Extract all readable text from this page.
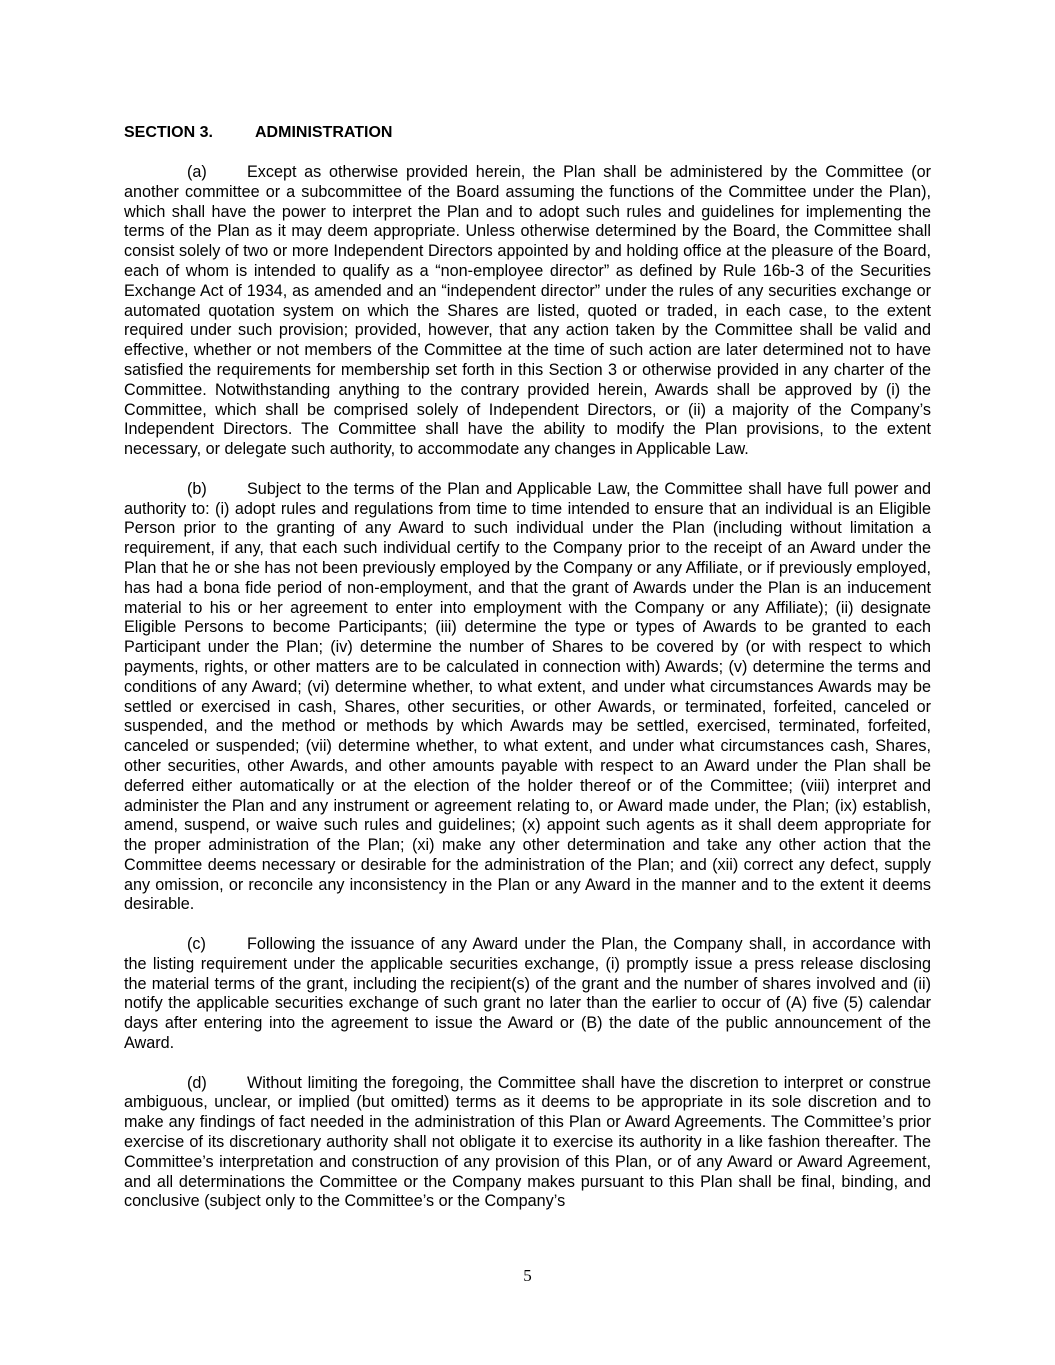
SECTION 3.	ADMINISTRATION

(a) Except as otherwise provided herein, the Plan shall be administered by the Committee (or another committee or a subcommittee of the Board assuming the functions of the Committee under the Plan), which shall have the power to interpret the Plan and to adopt such rules and guidelines for implementing the terms of the Plan as it may deem appropriate. Unless otherwise determined by the Board, the Committee shall consist solely of two or more Independent Directors appointed by and holding office at the pleasure of the Board, each of whom is intended to qualify as a “non-employee director” as defined by Rule 16b-3 of the Securities Exchange Act of 1934, as amended and an “independent director” under the rules of any securities exchange or automated quotation system on which the Shares are listed, quoted or traded, in each case, to the extent required under such provision; provided, however, that any action taken by the Committee shall be valid and effective, whether or not members of the Committee at the time of such action are later determined not to have satisfied the requirements for membership set forth in this Section 3 or otherwise provided in any charter of the Committee. Notwithstanding anything to the contrary provided herein, Awards shall be approved by (i) the Committee, which shall be comprised solely of Independent Directors, or (ii) a majority of the Company’s Independent Directors. The Committee shall have the ability to modify the Plan provisions, to the extent necessary, or delegate such authority, to accommodate any changes in Applicable Law.

(b) Subject to the terms of the Plan and Applicable Law, the Committee shall have full power and authority to: (i) adopt rules and regulations from time to time intended to ensure that an individual is an Eligible Person prior to the granting of any Award to such individual under the Plan (including without limitation a requirement, if any, that each such individual certify to the Company prior to the receipt of an Award under the Plan that he or she has not been previously employed by the Company or any Affiliate, or if previously employed, has had a bona fide period of non-employment, and that the grant of Awards under the Plan is an inducement material to his or her agreement to enter into employment with the Company or any Affiliate); (ii) designate Eligible Persons to become Participants; (iii) determine the type or types of Awards to be granted to each Participant under the Plan; (iv) determine the number of Shares to be covered by (or with respect to which payments, rights, or other matters are to be calculated in connection with) Awards; (v) determine the terms and conditions of any Award; (vi) determine whether, to what extent, and under what circumstances Awards may be settled or exercised in cash, Shares, other securities, or other Awards, or terminated, forfeited, canceled or suspended, and the method or methods by which Awards may be settled, exercised, terminated, forfeited, canceled or suspended; (vii) determine whether, to what extent, and under what circumstances cash, Shares, other securities, other Awards, and other amounts payable with respect to an Award under the Plan shall be deferred either automatically or at the election of the holder thereof or of the Committee; (viii) interpret and administer the Plan and any instrument or agreement relating to, or Award made under, the Plan; (ix) establish, amend, suspend, or waive such rules and guidelines; (x) appoint such agents as it shall deem appropriate for the proper administration of the Plan; (xi) make any other determination and take any other action that the Committee deems necessary or desirable for the administration of the Plan; and (xii) correct any defect, supply any omission, or reconcile any inconsistency in the Plan or any Award in the manner and to the extent it deems desirable.

(c)	Following the issuance of any Award under the Plan, the Company shall, in accordance with the listing requirement under the applicable securities exchange, (i) promptly issue a press release disclosing the material terms of the grant, including the recipient(s) of the grant and the number of shares involved and (ii) notify the applicable securities exchange of such grant no later than the earlier to occur of (A) five (5) calendar days after entering into the agreement to issue the Award or (B) the date of the public announcement of the Award.

(d) Without limiting the foregoing, the Committee shall have the discretion to interpret or construe ambiguous, unclear, or implied (but omitted) terms as it deems to be appropriate in its sole discretion and to make any findings of fact needed in the administration of this Plan or Award Agreements. The Committee’s prior exercise of its discretionary authority shall not obligate it to exercise its authority in a like fashion thereafter. The Committee’s interpretation and construction of any provision of this Plan, or of any Award or Award Agreement, and all determinations the Committee or the Company makes pursuant to this Plan shall be final, binding, and conclusive (subject only to the Committee’s or the Company’s

5
